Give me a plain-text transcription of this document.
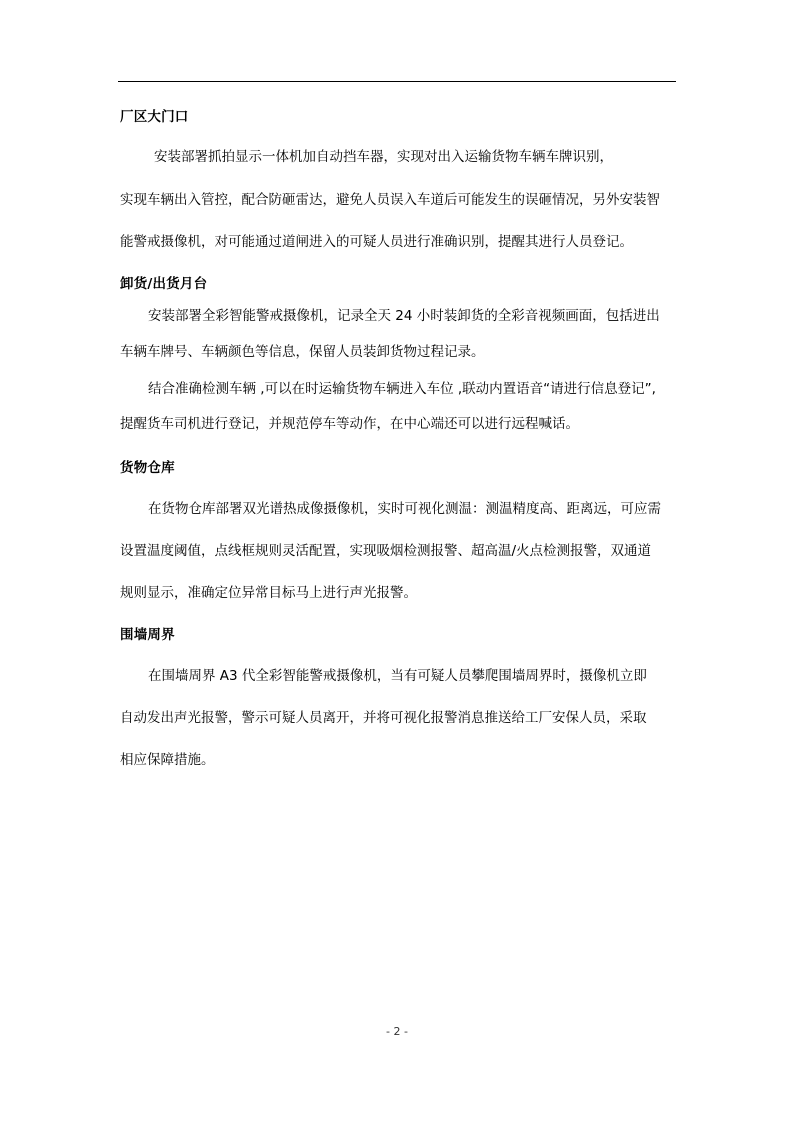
厂区大门口
安装部署抓拍显示一体机加自动挡车器，实现对出入运输货物车辆车牌识别，
实现车辆出入管控，配合防砸雷达，避免人员误入车道后可能发生的误砸情况，另外安装智
能警戒摄像机，对可能通过道闸进入的可疑人员进行准确识别，提醒其进行人员登记。
卸货/出货月台
安装部署全彩智能警戒摄像机，记录全天 24 小时装卸货的全彩音视频画面，包括进出
车辆车牌号、车辆颜色等信息，保留人员装卸货物过程记录。
结合准确检测车辆 ,可以在时运输货物车辆进入车位 ,联动内置语音“请进行信息登记”,
提醒货车司机进行登记，并规范停车等动作，在中心端还可以进行远程喊话。
货物仓库
在货物仓库部署双光谱热成像摄像机，实时可视化测温：测温精度高、距离远，可应需
设置温度阈值，点线框规则灵活配置，实现吸烟检测报警、超高温/火点检测报警，双通道
规则显示，准确定位异常目标马上进行声光报警。
围墙周界
在围墙周界 A3 代全彩智能警戒摄像机，当有可疑人员攀爬围墙周界时，摄像机立即
自动发出声光报警，警示可疑人员离开，并将可视化报警消息推送给工厂安保人员，采取
相应保障措施。
- 2 -
